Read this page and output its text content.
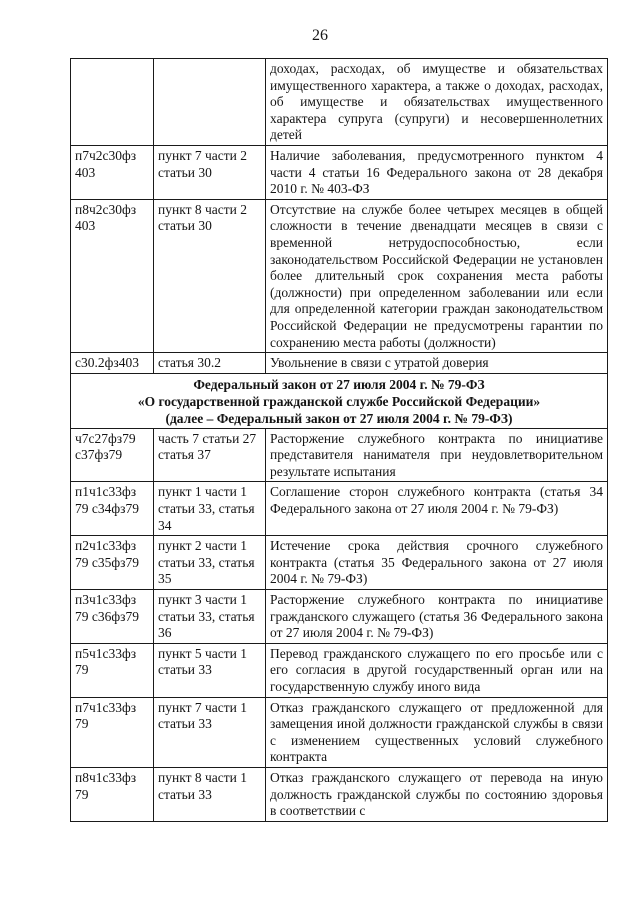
26
		доходах, расходах, об имуществе и обязательствах имущественного характера, а также о доходах, расходах, об имуществе и обязательствах имущественного характера супруга (супруги) и несовершеннолетних детей
п7ч2с30фз 403	пункт 7 части 2 статьи 30	Наличие заболевания, предусмотренного пунктом 4 части 4 статьи 16 Федерального закона от 28 декабря 2010 г. № 403-ФЗ
п8ч2с30фз 403	пункт 8 части 2 статьи 30	Отсутствие на службе более четырех месяцев в общей сложности в течение двенадцати месяцев в связи с временной нетрудоспособностью, если законодательством Российской Федерации не установлен более длительный срок сохранения места работы (должности) при определенном заболевании или если для определенной категории граждан законодательством Российской Федерации не предусмотрены гарантии по сохранению места работы (должности)
с30.2фз403	статья 30.2	Увольнение в связи с утратой доверия

Федеральный закон от 27 июля 2004 г. № 79-ФЗ
«О государственной гражданской службе Российской Федерации»
(далее – Федеральный закон от 27 июля 2004 г. № 79-ФЗ)		

ч7с27фз79 с37фз79	часть 7 статьи 27 статья 37	Расторжение служебного контракта по инициативе представителя нанимателя при неудовлетворительном результате испытания
п1ч1с33фз 79 с34фз79	пункт 1 части 1 статьи 33, статья 34	Соглашение сторон служебного контракта (статья 34 Федерального закона от 27 июля 2004 г. № 79-ФЗ)
п2ч1с33фз 79 с35фз79	пункт 2 части 1 статьи 33, статья 35	Истечение срока действия срочного служебного контракта (статья 35 Федерального закона от 27 июля 2004 г. № 79-ФЗ)
п3ч1с33фз 79 с36фз79	пункт 3 части 1 статьи 33, статья 36	Расторжение служебного контракта по инициативе гражданского служащего (статья 36 Федерального закона от 27 июля 2004 г. № 79-ФЗ)
п5ч1с33фз 79	пункт 5 части 1 статьи 33	Перевод гражданского служащего по его просьбе или с его согласия в другой государственный орган или на государственную службу иного вида
п7ч1с33фз 79	пункт 7 части 1 статьи 33	Отказ гражданского служащего от предложенной для замещения иной должности гражданской службы в связи с изменением существенных условий служебного контракта
п8ч1с33фз 79	пункт 8 части 1 статьи 33	Отказ гражданского служащего от перевода на иную должность гражданской службы по состоянию здоровья в соответствии с
